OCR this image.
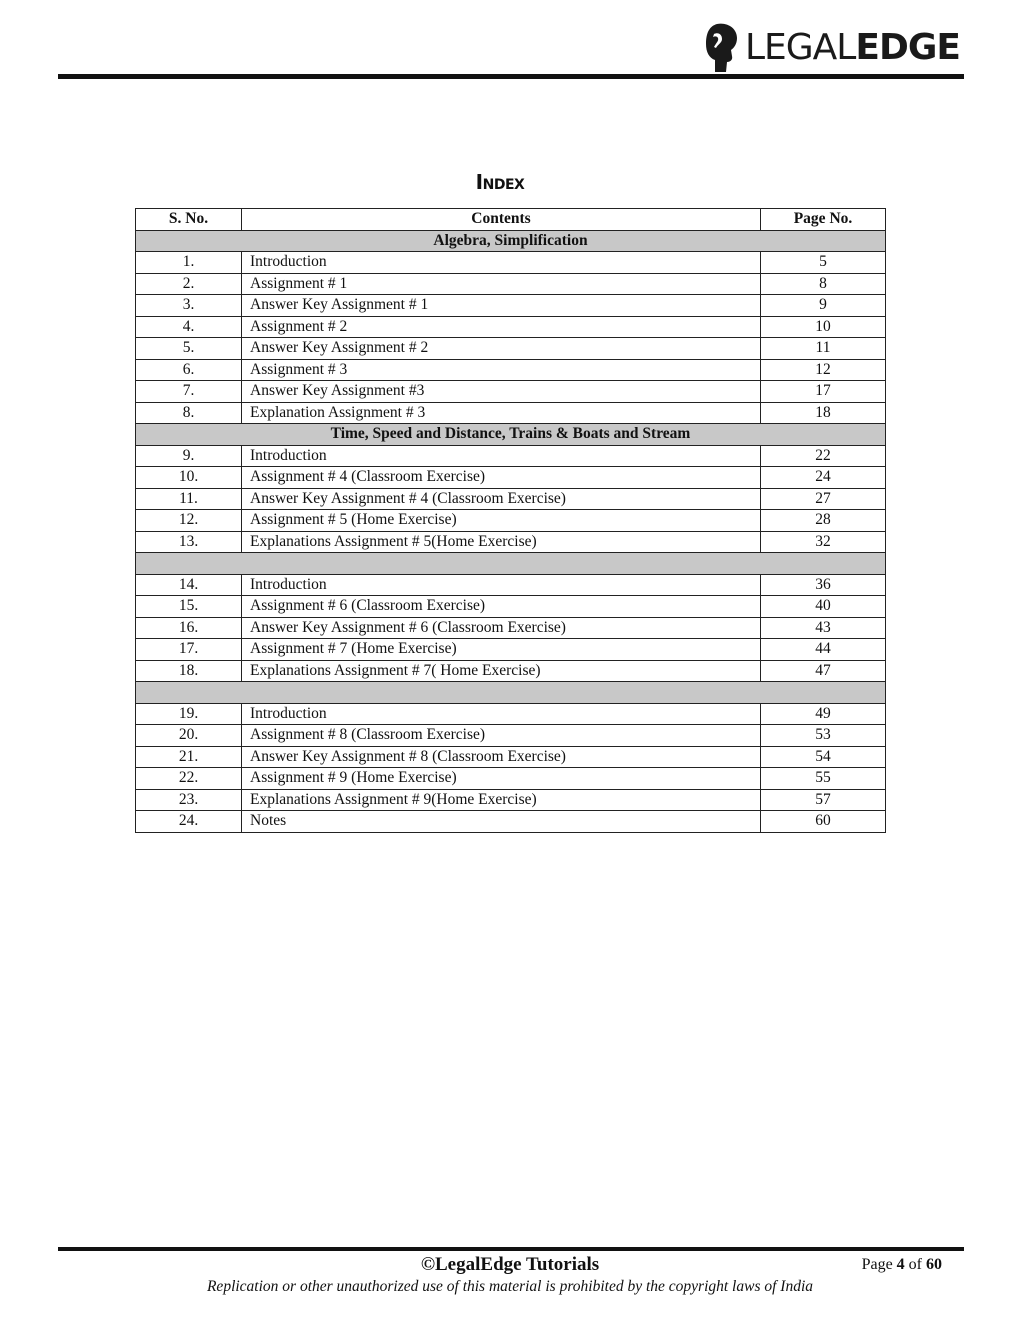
LEGALEDGE
Index
S. No.	Contents	Page No.
Algebra, Simplification		
1.	Introduction	5
2.	Assignment # 1	8
3.	Answer Key Assignment # 1	9
4.	Assignment # 2	10
5.	Answer Key Assignment # 2	11
6.	Assignment # 3	12
7.	Answer Key Assignment #3	17
8.	Explanation Assignment # 3	18
Time, Speed and Distance, Trains & Boats and Stream		
9.	Introduction	22
10.	Assignment # 4 (Classroom Exercise)	24
11.	Answer Key Assignment # 4 (Classroom Exercise)	27
12.	Assignment # 5 (Home Exercise)	28
13.	Explanations Assignment # 5(Home Exercise)	32

14.	Introduction	36
15.	Assignment # 6 (Classroom Exercise)	40
16.	Answer Key Assignment # 6 (Classroom Exercise)	43
17.	Assignment # 7 (Home Exercise)	44
18.	Explanations Assignment # 7( Home Exercise)	47

19.	Introduction	49
20.	Assignment # 8 (Classroom Exercise)	53
21.	Answer Key Assignment # 8 (Classroom Exercise)	54
22.	Assignment # 9 (Home Exercise)	55
23.	Explanations Assignment # 9(Home Exercise)	57
24.	Notes	60
©LegalEdge Tutorials	Page 4 of 60
Replication or other unauthorized use of this material is prohibited by the copyright laws of India
